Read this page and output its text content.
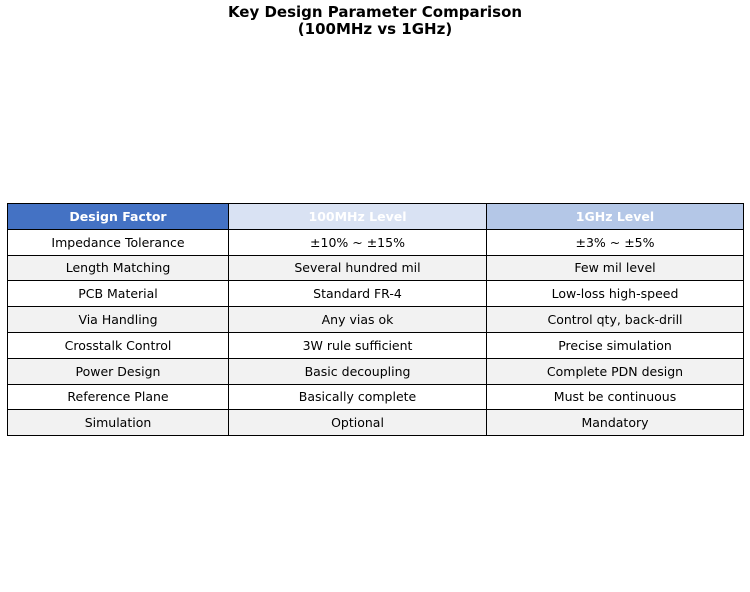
Key Design Parameter Comparison
(100MHz vs 1GHz)
Design Factor	100MHz Level	1GHz Level
Impedance Tolerance	±10% ~ ±15%	±3% ~ ±5%
Length Matching	Several hundred mil	Few mil level
PCB Material	Standard FR-4	Low-loss high-speed
Via Handling	Any vias ok	Control qty, back-drill
Crosstalk Control	3W rule sufficient	Precise simulation
Power Design	Basic decoupling	Complete PDN design
Reference Plane	Basically complete	Must be continuous
Simulation	Optional	Mandatory
